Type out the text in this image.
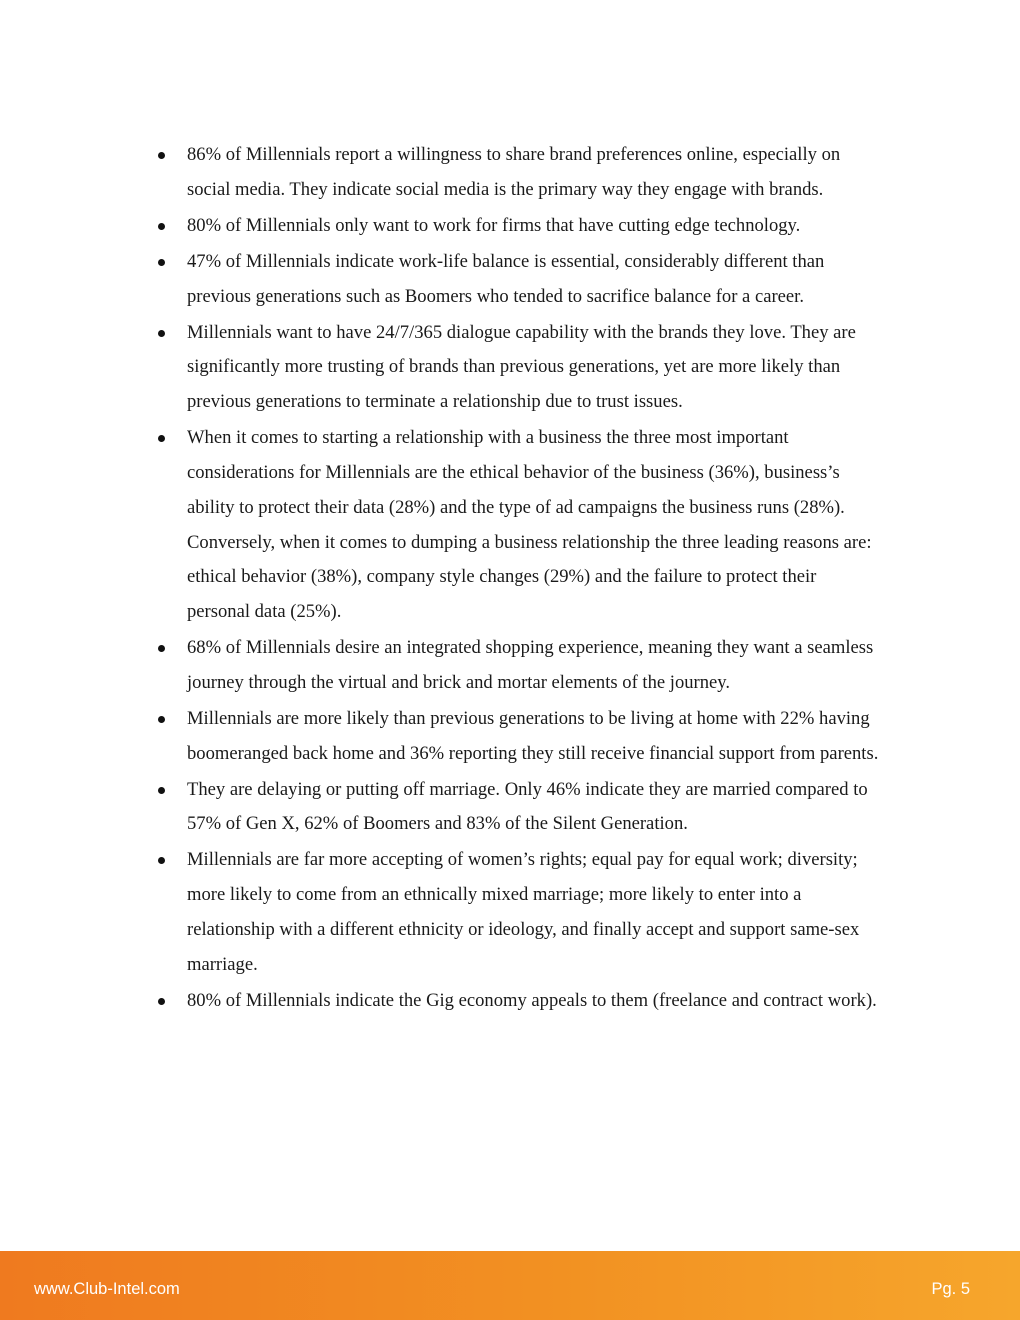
86% of Millennials report a willingness to share brand preferences online, especially on social media. They indicate social media is the primary way they engage with brands.
80% of Millennials only want to work for firms that have cutting edge technology.
47% of Millennials indicate work-life balance is essential, considerably different than previous generations such as Boomers who tended to sacrifice balance for a career.
Millennials want to have 24/7/365 dialogue capability with the brands they love. They are significantly more trusting of brands than previous generations, yet are more likely than previous generations to terminate a relationship due to trust issues.
When it comes to starting a relationship with a business the three most important considerations for Millennials are the ethical behavior of the business (36%), business’s ability to protect their data (28%) and the type of ad campaigns the business runs (28%). Conversely, when it comes to dumping a business relationship the three leading reasons are: ethical behavior (38%), company style changes (29%) and the failure to protect their personal data (25%).
68% of Millennials desire an integrated shopping experience, meaning they want a seamless journey through the virtual and brick and mortar elements of the journey.
Millennials are more likely than previous generations to be living at home with 22% having boomeranged back home and 36% reporting they still receive financial support from parents.
They are delaying or putting off marriage. Only 46% indicate they are married compared to 57% of Gen X, 62% of Boomers and 83% of the Silent Generation.
Millennials are far more accepting of women’s rights; equal pay for equal work; diversity; more likely to come from an ethnically mixed marriage; more likely to enter into a relationship with a different ethnicity or ideology, and finally accept and support same-sex marriage.
80% of Millennials indicate the Gig economy appeals to them (freelance and contract work).
www.Club-Intel.com	Pg. 5
